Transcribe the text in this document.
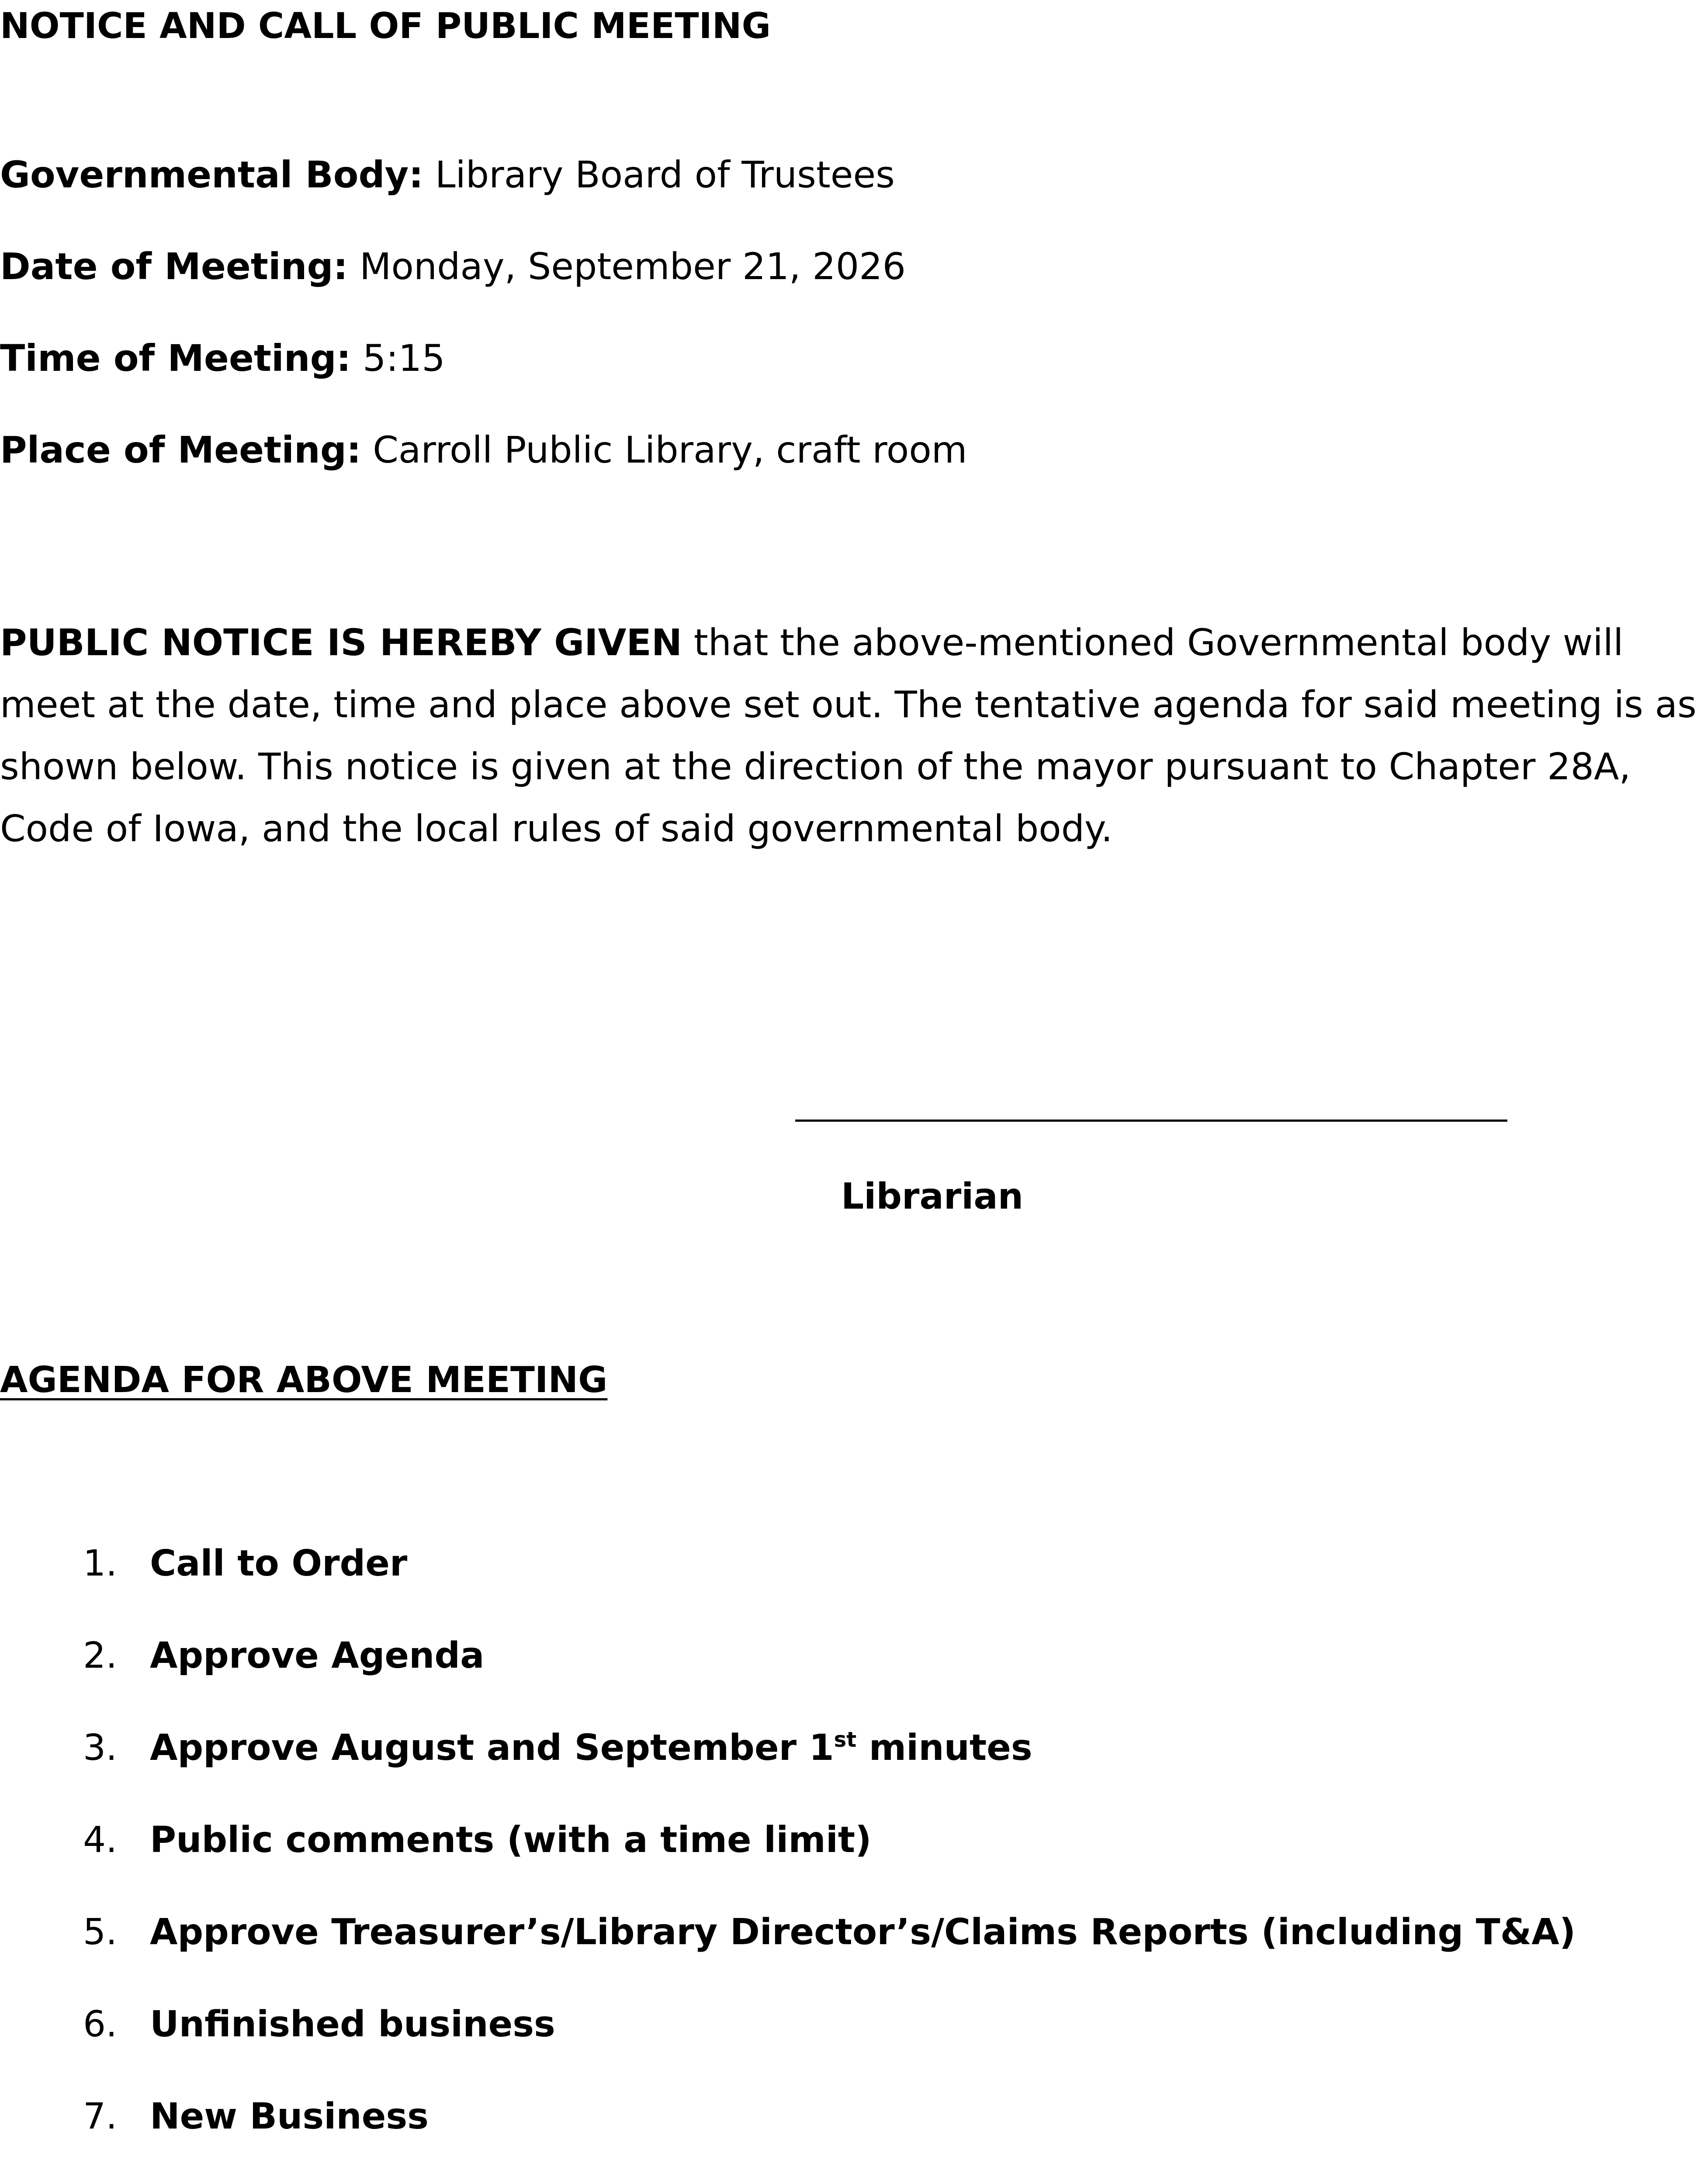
NOTICE AND CALL OF PUBLIC MEETING
Governmental Body: Library Board of Trustees
Date of Meeting: Monday, September 21, 2026
Time of Meeting: 5:15
Place of Meeting: Carroll Public Library, craft room
PUBLIC NOTICE IS HEREBY GIVEN that the above-mentioned Governmental body will meet at the date, time and place above set out. The tentative agenda for said meeting is as shown below. This notice is given at the direction of the mayor pursuant to Chapter 28A, Code of Iowa, and the local rules of said governmental body.
Librarian
AGENDA FOR ABOVE MEETING
1. Call to Order
2. Approve Agenda
3. Approve August and September 1st minutes
4. Public comments (with a time limit)
5. Approve Treasurer’s/Library Director’s/Claims Reports (including T&A)
6. Unfinished business
7. New Business
